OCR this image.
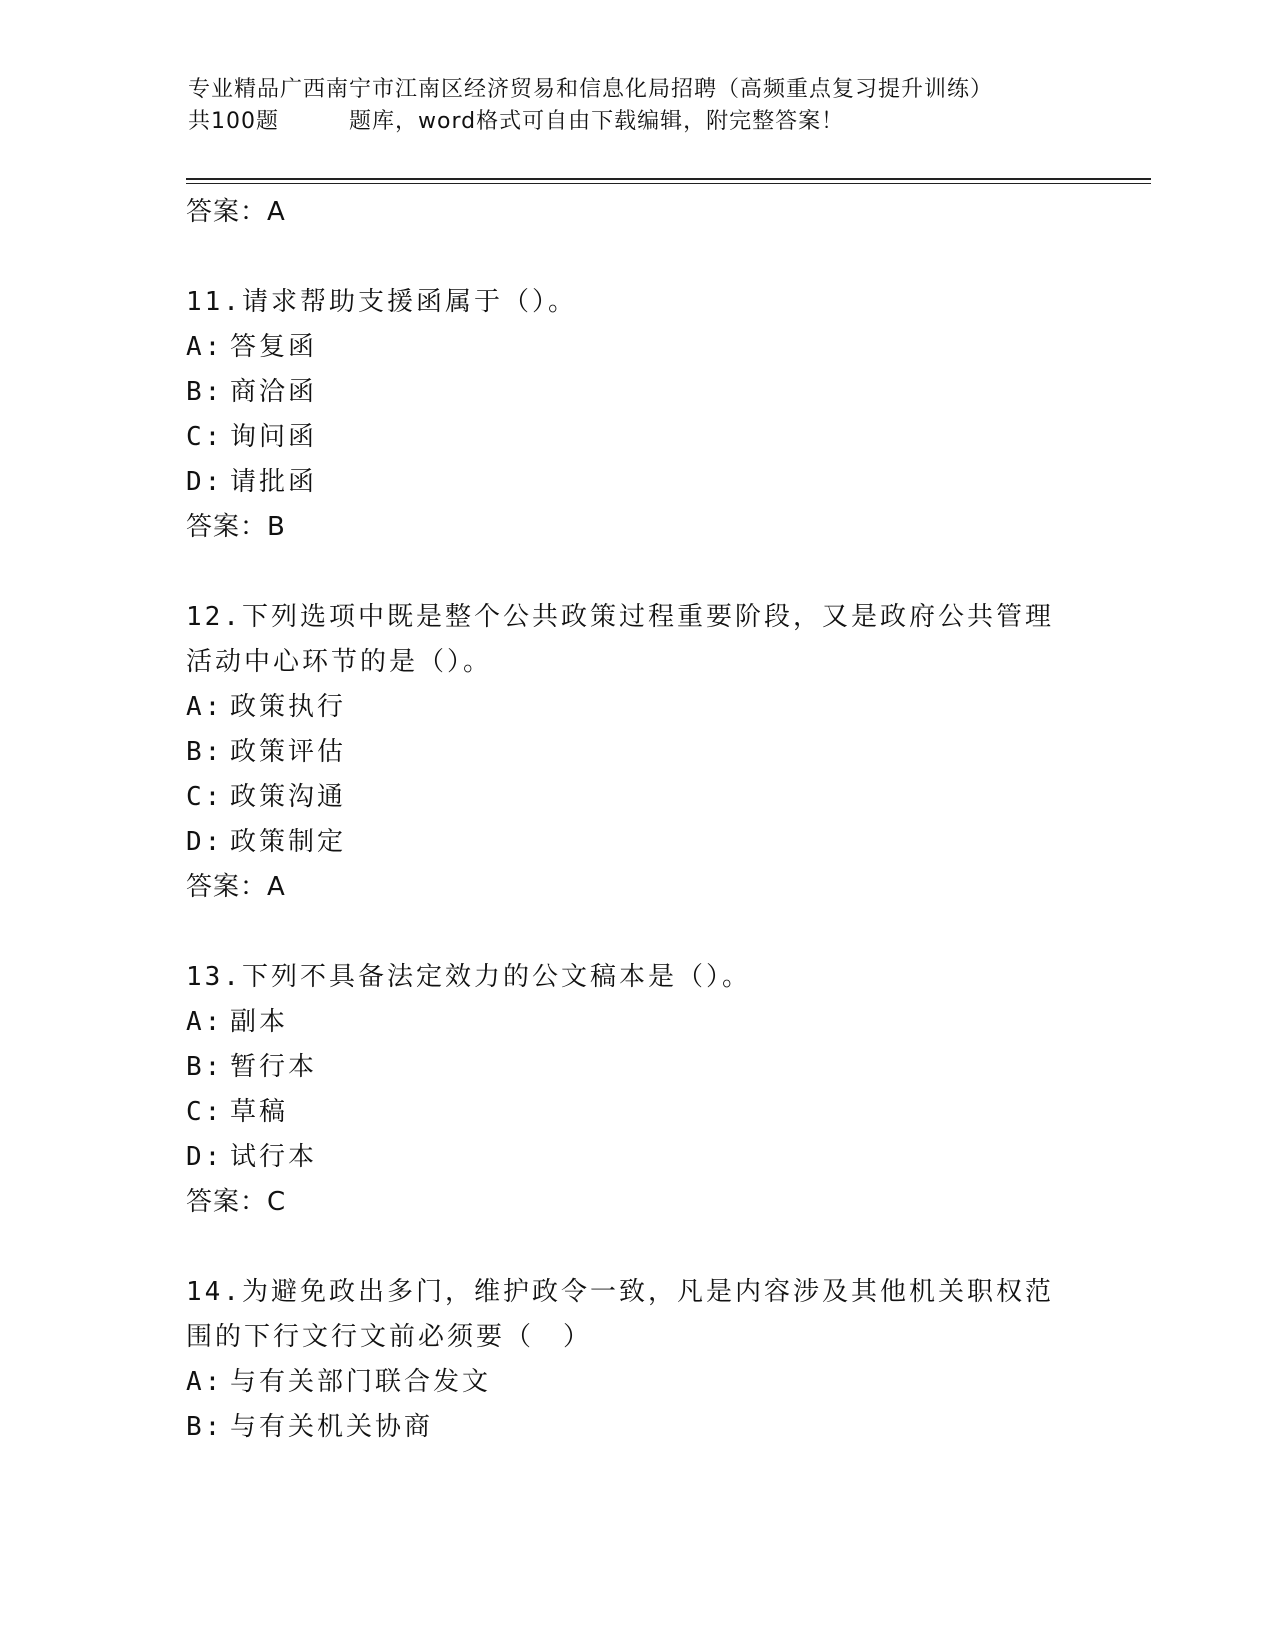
专业精品广西南宁市江南区经济贸易和信息化局招聘（高频重点复习提升训练）
共100题	题库，word格式可自由下载编辑，附完整答案！
答案：A
11.请求帮助支援函属于（）。
A: 答复函
B: 商洽函
C: 询问函
D: 请批函
答案：B
12.下列选项中既是整个公共政策过程重要阶段，又是政府公共管理活动中心环节的是（）。
A: 政策执行
B: 政策评估
C: 政策沟通
D: 政策制定
答案：A
13.下列不具备法定效力的公文稿本是（）。
A: 副本
B: 暂行本
C: 草稿
D: 试行本
答案：C
14.为避免政出多门，维护政令一致，凡是内容涉及其他机关职权范围的下行文行文前必须要（　）
A: 与有关部门联合发文
B: 与有关机关协商
